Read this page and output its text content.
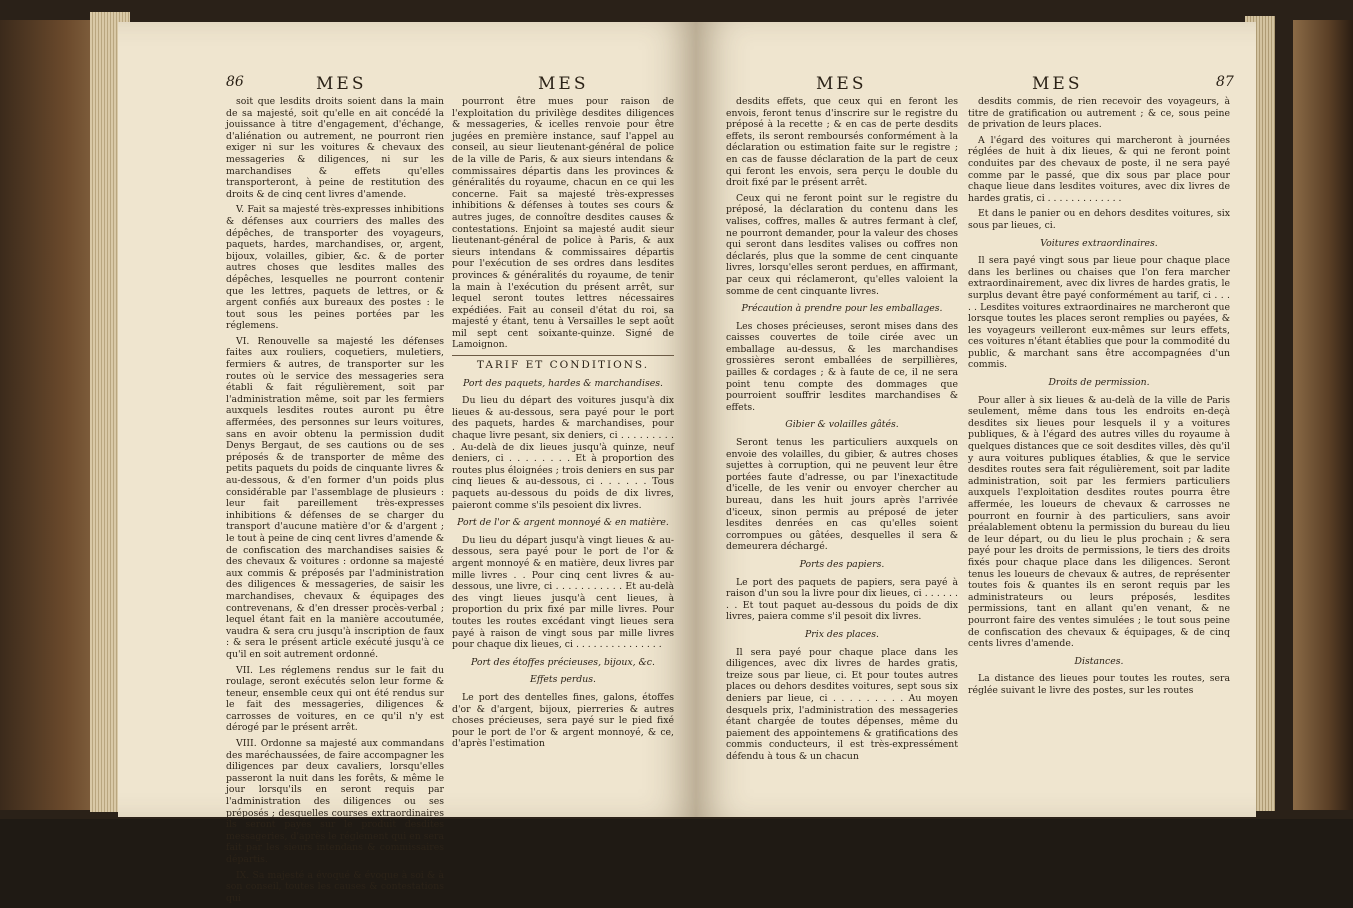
86	MES	MES

soit que lesdits droits soient dans la main de sa majesté, soit qu'elle en ait concédé la jouissance à titre d'engagement, d'échange, d'aliénation ou autrement, ne pourront rien exiger ni sur les voitures & chevaux des messageries & diligences, ni sur les marchandises & effets qu'elles transporteront, à peine de restitution des droits & de cinq cent livres d'amende.

V. Fait sa majesté très-expresses inhibitions & défenses aux courriers des malles des dépêches, de transporter des voyageurs, paquets, hardes, marchandises, or, argent, bijoux, volailles, gibier, &c. & de porter autres choses que lesdites malles des dépêches, lesquelles ne pourront contenir que les lettres, paquets de lettres, or & argent confiés aux bureaux des postes : le tout sous les peines portées par les réglemens.

VI. Renouvelle sa majesté les défenses faites aux rouliers, coquetiers, muletiers, fermiers & autres, de transporter sur les routes où le service des messageries sera établi & fait régulièrement, soit par l'administration même, soit par les fermiers auxquels lesdites routes auront pu être affermées, des personnes sur leurs voitures, sans en avoir obtenu la permission dudit Denys Bergaut, de ses cautions ou de ses préposés & de transporter de même des petits paquets du poids de cinquante livres & au-dessous, & d'en former d'un poids plus considérable par l'assemblage de plusieurs : leur fait pareillement très-expresses inhibitions & défenses de se charger du transport d'aucune matière d'or & d'argent ; le tout à peine de cinq cent livres d'amende & de confiscation des marchandises saisies & des chevaux & voitures : ordonne sa majesté aux commis & préposés par l'administration des diligences & messageries, de saisir les marchandises, chevaux & équipages des contrevenans, & d'en dresser procès-verbal ; lequel étant fait en la manière accoutumée, vaudra & sera cru jusqu'à inscription de faux : & sera le présent article exécuté jusqu'à ce qu'il en soit autrement ordonné.

VII. Les réglemens rendus sur le fait du roulage, seront exécutés selon leur forme & teneur, ensemble ceux qui ont été rendus sur le fait des messageries, diligences & carrosses de voitures, en ce qu'il n'y est dérogé par le présent arrêt.

VIII. Ordonne sa majesté aux commandans des maréchaussées, de faire accompagner les diligences par deux cavaliers, lorsqu'elles passeront la nuit dans les forêts, & même le jour lorsqu'ils en seront requis par l'administration des diligences ou ses préposés ; desquelles courses extraordinaires ils seront payés sur le produit desdites messageries, d'après le réglement qui en sera fait par les sieurs intendans & commissaires départis.

IX. Sa majesté a évoqué & évoque à soi & à son conseil, toutes les causes & contestations qui

pourront être mues pour raison de l'exploitation du privilège desdites diligences & messageries, & icelles renvoie pour être jugées en première instance, sauf l'appel au conseil, au sieur lieutenant-général de police de la ville de Paris, & aux sieurs intendans & commissaires départis dans les provinces & généralités du royaume, chacun en ce qui les concerne. Fait sa majesté très-expresses inhibitions & défenses à toutes ses cours & autres juges, de connoître desdites causes & contestations. Enjoint sa majesté audit sieur lieutenant-général de police à Paris, & aux sieurs intendans & commissaires départis pour l'exécution de ses ordres dans lesdites provinces & généralités du royaume, de tenir la main à l'exécution du présent arrêt, sur lequel seront toutes lettres nécessaires expédiées. Fait au conseil d'état du roi, sa majesté y étant, tenu à Versailles le sept août mil sept cent soixante-quinze. Signé de Lamoignon.

TARIF ET CONDITIONS.

Port des paquets, hardes & marchandises.

Du lieu du départ des voitures jusqu'à dix lieues & au-dessous, sera payé pour le port des paquets, hardes & marchandises, pour chaque livre pesant, six deniers, ci . . . . . . . . . . Au-delà de dix lieues jusqu'à quinze, neuf deniers, ci . . . . . . . . Et à proportion des routes plus éloignées ; trois deniers en sus par cinq lieues & au-dessous, ci . . . . . . Tous paquets au-dessous du poids de dix livres, paieront comme s'ils pesoient dix livres.

Port de l'or & argent monnoyé & en matière.

Du lieu du départ jusqu'à vingt lieues & au-dessous, sera payé pour le port de l'or & argent monnoyé & en matière, deux livres par mille livres . . Pour cinq cent livres & au-dessous, une livre, ci . . . . . . . . . . . Et au-delà des vingt lieues jusqu'à cent lieues, à proportion du prix fixé par mille livres. Pour toutes les routes excédant vingt lieues sera payé à raison de vingt sous par mille livres pour chaque dix lieues, ci . . . . . . . . . . . . . . .

Port des étoffes précieuses, bijoux, &c.

Effets perdus.

Le port des dentelles fines, galons, étoffes d'or & d'argent, bijoux, pierreries & autres choses précieuses, sera payé sur le pied fixé pour le port de l'or & argent monnoyé, & ce, d'après l'estimation

MES	MES	87

desdits effets, que ceux qui en feront les envois, feront tenus d'inscrire sur le registre du préposé à la recette ; & en cas de perte desdits effets, ils seront remboursés conformément à la déclaration ou estimation faite sur le registre ; en cas de fausse déclaration de la part de ceux qui feront les envois, sera perçu le double du droit fixé par le présent arrêt.

Ceux qui ne feront point sur le registre du préposé, la déclaration du contenu dans les valises, coffres, malles & autres fermant à clef, ne pourront demander, pour la valeur des choses qui seront dans lesdites valises ou coffres non déclarés, plus que la somme de cent cinquante livres, lorsqu'elles seront perdues, en affirmant, par ceux qui réclameront, qu'elles valoient la somme de cent cinquante livres.

Précaution à prendre pour les emballages.

Les choses précieuses, seront mises dans des caisses couvertes de toile cirée avec un emballage au-dessus, & les marchandises grossières seront emballées de serpillières, pailles & cordages ; & à faute de ce, il ne sera point tenu compte des dommages que pourroient souffrir lesdites marchandises & effets.

Gibier & volailles gâtés.

Seront tenus les particuliers auxquels on envoie des volailles, du gibier, & autres choses sujettes à corruption, qui ne peuvent leur être portées faute d'adresse, ou par l'inexactitude d'icelle, de les venir ou envoyer chercher au bureau, dans les huit jours après l'arrivée d'iceux, sinon permis au préposé de jeter lesdites denrées en cas qu'elles soient corrompues ou gâtées, desquelles il sera & demeurera déchargé.

Ports des papiers.

Le port des paquets de papiers, sera payé à raison d'un sou la livre pour dix lieues, ci . . . . . . . . Et tout paquet au-dessous du poids de dix livres, paiera comme s'il pesoit dix livres.

Prix des places.

Il sera payé pour chaque place dans les diligences, avec dix livres de hardes gratis, treize sous par lieue, ci. Et pour toutes autres places ou dehors desdites voitures, sept sous six deniers par lieue, ci . . . . . . . . . Au moyen desquels prix, l'administration des messageries étant chargée de toutes dépenses, même du paiement des appointemens & gratifications des commis conducteurs, il est très-expressément défendu à tous & un chacun

desdits commis, de rien recevoir des voyageurs, à titre de gratification ou autrement ; & ce, sous peine de privation de leurs places.

A l'égard des voitures qui marcheront à journées réglées de huit à dix lieues, & qui ne feront point conduites par des chevaux de poste, il ne sera payé comme par le passé, que dix sous par place pour chaque lieue dans lesdites voitures, avec dix livres de hardes gratis, ci . . . . . . . . . . . . .

Et dans le panier ou en dehors desdites voitures, six sous par lieues, ci.

Voitures extraordinaires.

Il sera payé vingt sous par lieue pour chaque place dans les berlines ou chaises que l'on fera marcher extraordinairement, avec dix livres de hardes gratis, le surplus devant être payé conformément au tarif, ci . . . . . Lesdites voitures extraordinaires ne marcheront que lorsque toutes les places seront remplies ou payées, & les voyageurs veilleront eux-mêmes sur leurs effets, ces voitures n'étant établies que pour la commodité du public, & marchant sans être accompagnées d'un commis.

Droits de permission.

Pour aller à six lieues & au-delà de la ville de Paris seulement, même dans tous les endroits en-deçà desdites six lieues pour lesquels il y a voitures publiques, & à l'égard des autres villes du royaume à quelques distances que ce soit desdites villes, dès qu'il y aura voitures publiques établies, & que le service desdites routes sera fait régulièrement, soit par ladite administration, soit par les fermiers particuliers auxquels l'exploitation desdites routes pourra être affermée, les loueurs de chevaux & carrosses ne pourront en fournir à des particuliers, sans avoir préalablement obtenu la permission du bureau du lieu de leur départ, ou du lieu le plus prochain ; & sera payé pour les droits de permissions, le tiers des droits fixés pour chaque place dans les diligences. Seront tenus les loueurs de chevaux & autres, de représenter toutes fois & quantes ils en seront requis par les administrateurs ou leurs préposés, lesdites permissions, tant en allant qu'en venant, & ne pourront faire des ventes simulées ; le tout sous peine de confiscation des chevaux & équipages, & de cinq cents livres d'amende.

Distances.

La distance des lieues pour toutes les routes, sera réglée suivant le livre des postes, sur les routes
